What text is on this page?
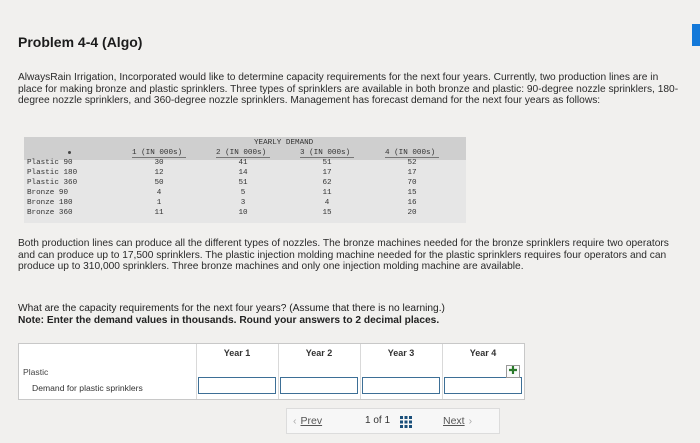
Problem 4-4 (Algo)
AlwaysRain Irrigation, Incorporated would like to determine capacity requirements for the next four years. Currently, two production lines are in place for making bronze and plastic sprinklers. Three types of sprinklers are available in both bronze and plastic: 90-degree nozzle sprinklers, 180-degree nozzle sprinklers, and 360-degree nozzle sprinklers. Management has forecast demand for the next four years as follows:
YEARLY DEMAND
1 (IN 000s)	2 (IN 000s)	3 (IN 000s)	4 (IN 000s)
Plastic 90	30	41	51	52
Plastic 180	12	14	17	17
Plastic 360	50	51	62	70
Bronze 90	4	5	11	15
Bronze 180	1	3	4	16
Bronze 360	11	10	15	20
Both production lines can produce all the different types of nozzles. The bronze machines needed for the bronze sprinklers require two operators and can produce up to 17,500 sprinklers. The plastic injection molding machine needed for the plastic sprinklers requires four operators and can produce up to 310,000 sprinklers. Three bronze machines and only one injection molding machine are available.
What are the capacity requirements for the next four years? (Assume that there is no learning.)
Note: Enter the demand values in thousands. Round your answers to 2 decimal places.
Year 1	Year 2	Year 3	Year 4
Plastic
Demand for plastic sprinklers
✚
‹ Prev	1 of 1	Next ›
